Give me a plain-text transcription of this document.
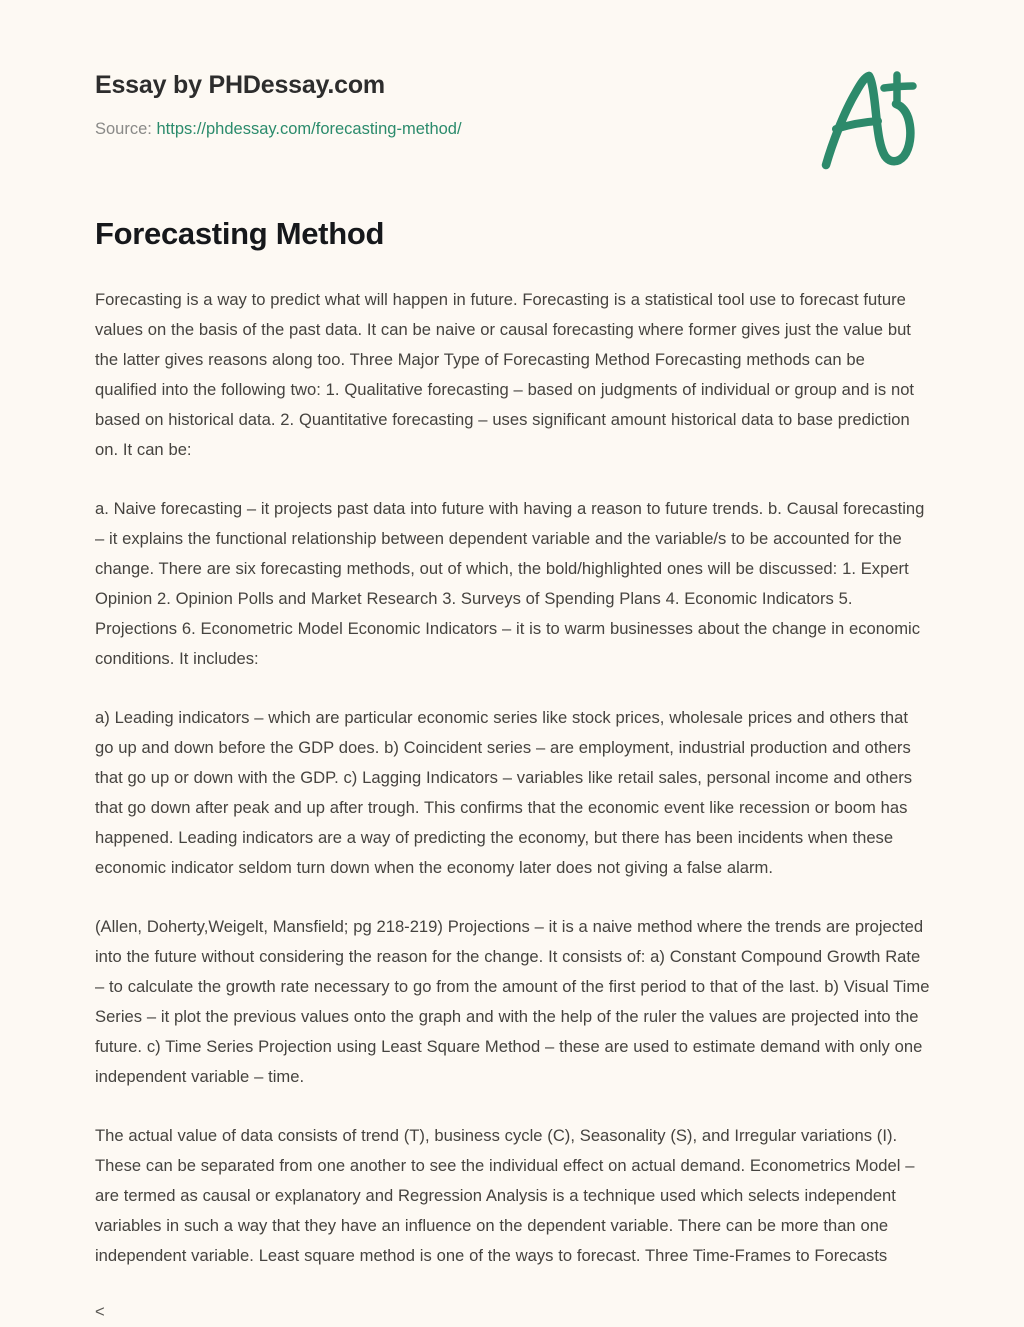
Essay by PHDessay.com
Source: https://phdessay.com/forecasting-method/
Forecasting Method

Forecasting is a way to predict what will happen in future. Forecasting is a statistical tool use to forecast future values on the basis of the past data. It can be naive or causal forecasting where former gives just the value but the latter gives reasons along too. Three Major Type of Forecasting Method Forecasting methods can be qualified into the following two: 1. Qualitative forecasting – based on judgments of individual or group and is not based on historical data. 2. Quantitative forecasting – uses significant amount historical data to base prediction on. It can be:

a. Naive forecasting – it projects past data into future with having a reason to future trends. b. Causal forecasting – it explains the functional relationship between dependent variable and the variable/s to be accounted for the change. There are six forecasting methods, out of which, the bold/highlighted ones will be discussed: 1. Expert Opinion 2. Opinion Polls and Market Research 3. Surveys of Spending Plans 4. Economic Indicators 5. Projections 6. Econometric Model Economic Indicators – it is to warm businesses about the change in economic conditions. It includes:

a) Leading indicators – which are particular economic series like stock prices, wholesale prices and others that go up and down before the GDP does. b) Coincident series – are employment, industrial production and others that go up or down with the GDP. c) Lagging Indicators – variables like retail sales, personal income and others that go down after peak and up after trough. This confirms that the economic event like recession or boom has happened. Leading indicators are a way of predicting the economy, but there has been incidents when these economic indicator seldom turn down when the economy later does not giving a false alarm.

(Allen, Doherty,Weigelt, Mansfield; pg 218-219) Projections – it is a naive method where the trends are projected into the future without considering the reason for the change. It consists of: a) Constant Compound Growth Rate – to calculate the growth rate necessary to go from the amount of the first period to that of the last. b) Visual Time Series – it plot the previous values onto the graph and with the help of the ruler the values are projected into the future. c) Time Series Projection using Least Square Method – these are used to estimate demand with only one independent variable – time.

The actual value of data consists of trend (T), business cycle (C), Seasonality (S), and Irregular variations (I). These can be separated from one another to see the individual effect on actual demand. Econometrics Model – are termed as causal or explanatory and Regression Analysis is a technique used which selects independent variables in such a way that they have an influence on the dependent variable. There can be more than one independent variable. Least square method is one of the ways to forecast. Three Time-Frames to Forecasts

<
